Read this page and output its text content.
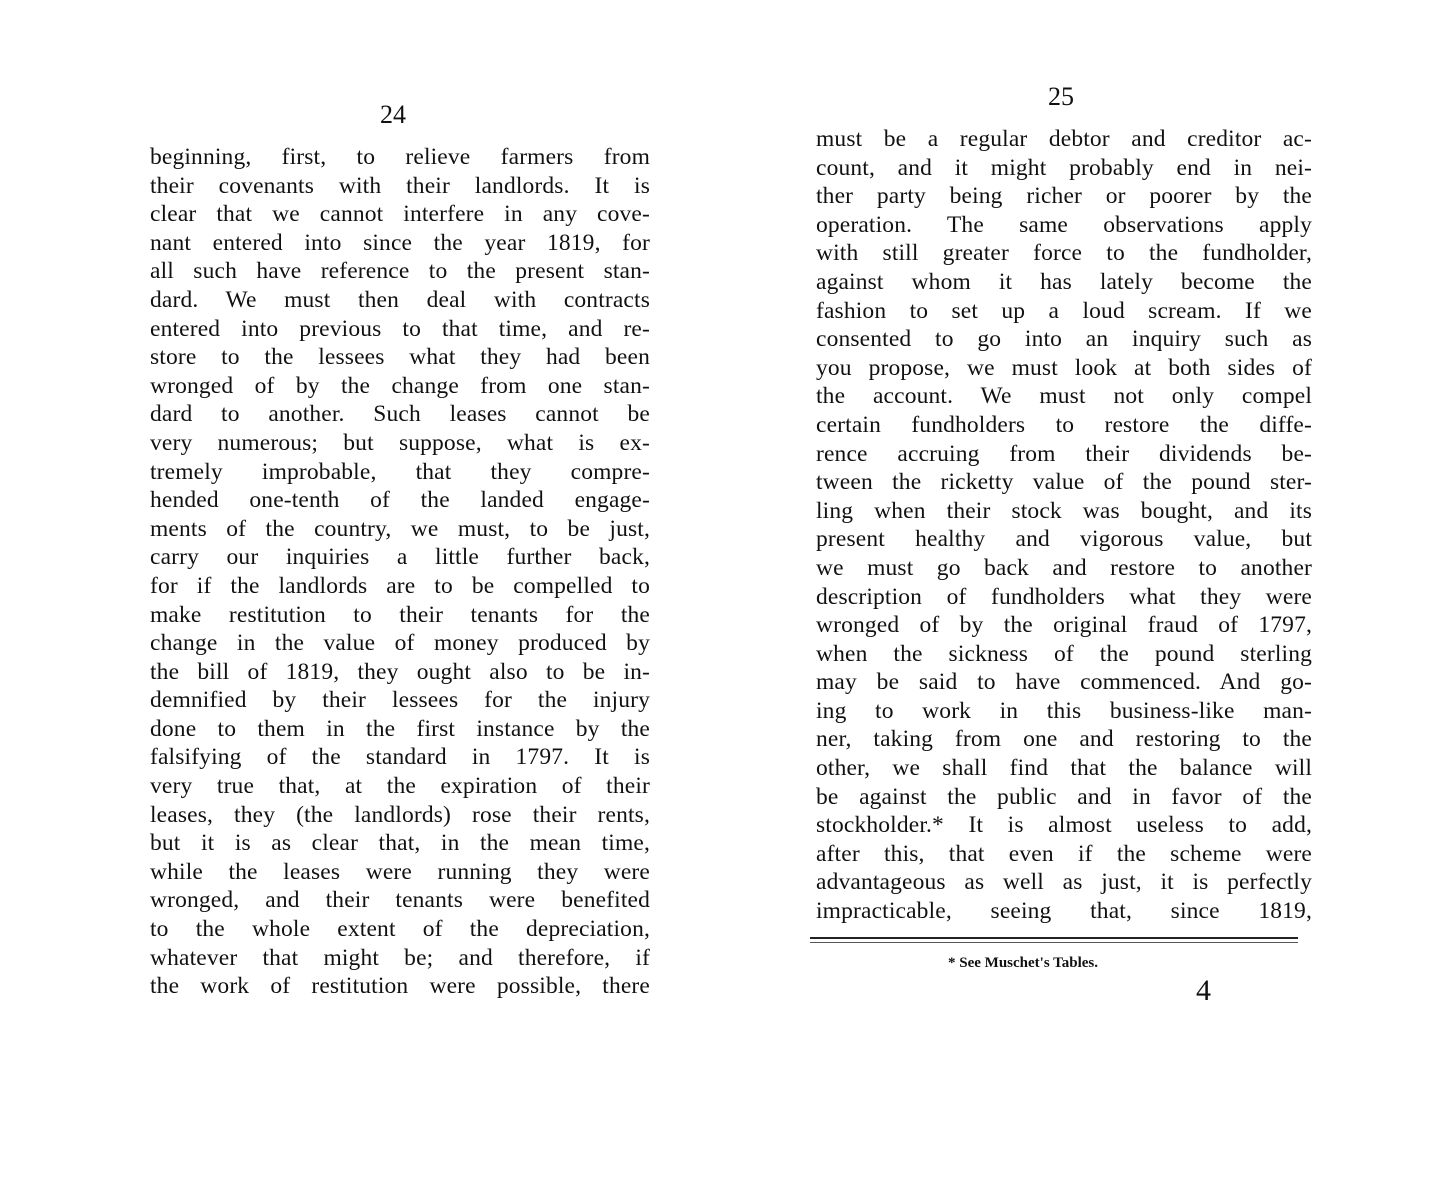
24
beginning, first, to relieve farmers from
their covenants with their landlords. It is
clear that we cannot interfere in any cove-
nant entered into since the year 1819, for
all such have reference to the present stan-
dard. We must then deal with contracts
entered into previous to that time, and re-
store to the lessees what they had been
wronged of by the change from one stan-
dard to another. Such leases cannot be
very numerous; but suppose, what is ex-
tremely improbable, that they compre-
hended one-tenth of the landed engage-
ments of the country, we must, to be just,
carry our inquiries a little further back,
for if the landlords are to be compelled to
make restitution to their tenants for the
change in the value of money produced by
the bill of 1819, they ought also to be in-
demnified by their lessees for the injury
done to them in the first instance by the
falsifying of the standard in 1797. It is
very true that, at the expiration of their
leases, they (the landlords) rose their rents,
but it is as clear that, in the mean time,
while the leases were running they were
wronged, and their tenants were benefited
to the whole extent of the depreciation,
whatever that might be; and therefore, if
the work of restitution were possible, there
25
must be a regular debtor and creditor ac-
count, and it might probably end in nei-
ther party being richer or poorer by the
operation. The same observations apply
with still greater force to the fundholder,
against whom it has lately become the
fashion to set up a loud scream. If we
consented to go into an inquiry such as
you propose, we must look at both sides of
the account. We must not only compel
certain fundholders to restore the diffe-
rence accruing from their dividends be-
tween the ricketty value of the pound ster-
ling when their stock was bought, and its
present healthy and vigorous value, but
we must go back and restore to another
description of fundholders what they were
wronged of by the original fraud of 1797,
when the sickness of the pound sterling
may be said to have commenced. And go-
ing to work in this business-like man-
ner, taking from one and restoring to the
other, we shall find that the balance will
be against the public and in favor of the
stockholder.* It is almost useless to add,
after this, that even if the scheme were
advantageous as well as just, it is perfectly
impracticable, seeing that, since 1819,
* See Muschet's Tables.
4
